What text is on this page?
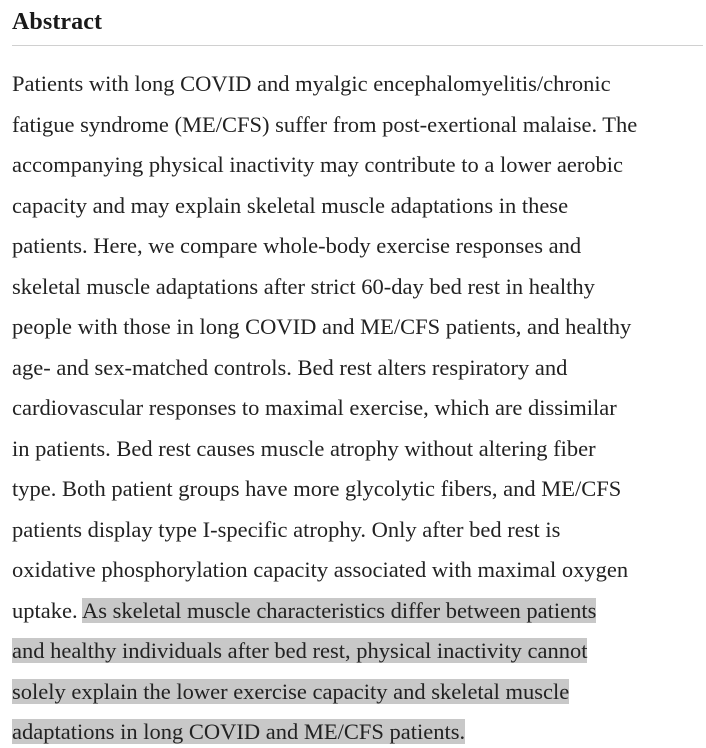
Abstract

Patients with long COVID and myalgic encephalomyelitis/chronic
fatigue syndrome (ME/CFS) suffer from post-exertional malaise. The
accompanying physical inactivity may contribute to a lower aerobic
capacity and may explain skeletal muscle adaptations in these
patients. Here, we compare whole-body exercise responses and
skeletal muscle adaptations after strict 60-day bed rest in healthy
people with those in long COVID and ME/CFS patients, and healthy
age- and sex-matched controls. Bed rest alters respiratory and
cardiovascular responses to maximal exercise, which are dissimilar
in patients. Bed rest causes muscle atrophy without altering fiber
type. Both patient groups have more glycolytic fibers, and ME/CFS
patients display type I-specific atrophy. Only after bed rest is
oxidative phosphorylation capacity associated with maximal oxygen
uptake. As skeletal muscle characteristics differ between patients
and healthy individuals after bed rest, physical inactivity cannot
solely explain the lower exercise capacity and skeletal muscle
adaptations in long COVID and ME/CFS patients.
